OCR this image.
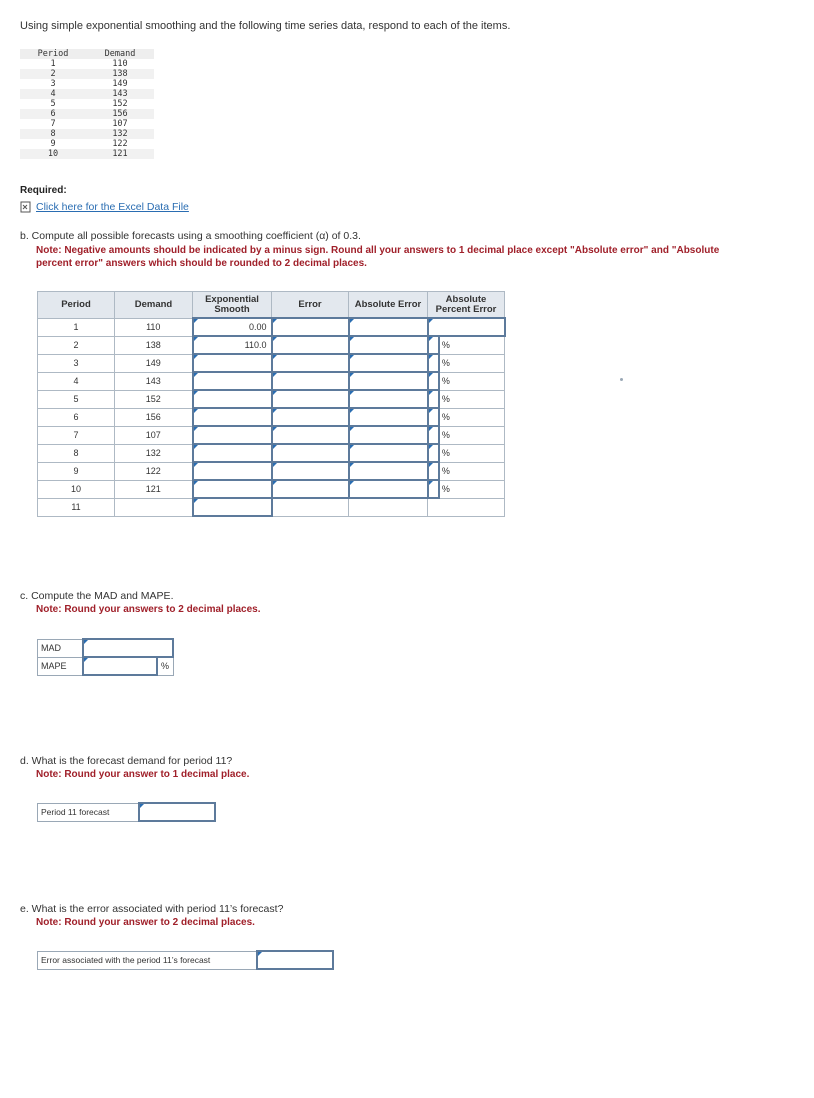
Using simple exponential smoothing and the following time series data, respond to each of the items.
Period	Demand
1	110
2	138
3	149
4	143
5	152
6	156
7	107
8	132
9	122
10	121
Required:
Click here for the Excel Data File
b. Compute all possible forecasts using a smoothing coefficient (α) of 0.3.
Note: Negative amounts should be indicated by a minus sign. Round all your answers to 1 decimal place except "Absolute error" and "Absolute percent error" answers which should be rounded to 2 decimal places.
Period	Demand	Exponential Smooth	Error	Absolute Error	Absolute Percent Error	
1	110	0.00				
2	138	110.0				%
3	149					%
4	143					%
5	152					%
6	156					%
7	107					%
8	132					%
9	122					%
10	121					%
11						
c. Compute the MAD and MAPE.
Note: Round your answers to 2 decimal places.
MAD		
MAPE		%
d. What is the forecast demand for period 11?
Note: Round your answer to 1 decimal place.
Period 11 forecast	
e. What is the error associated with period 11’s forecast?
Note: Round your answer to 2 decimal places.
Error associated with the period 11’s forecast	
